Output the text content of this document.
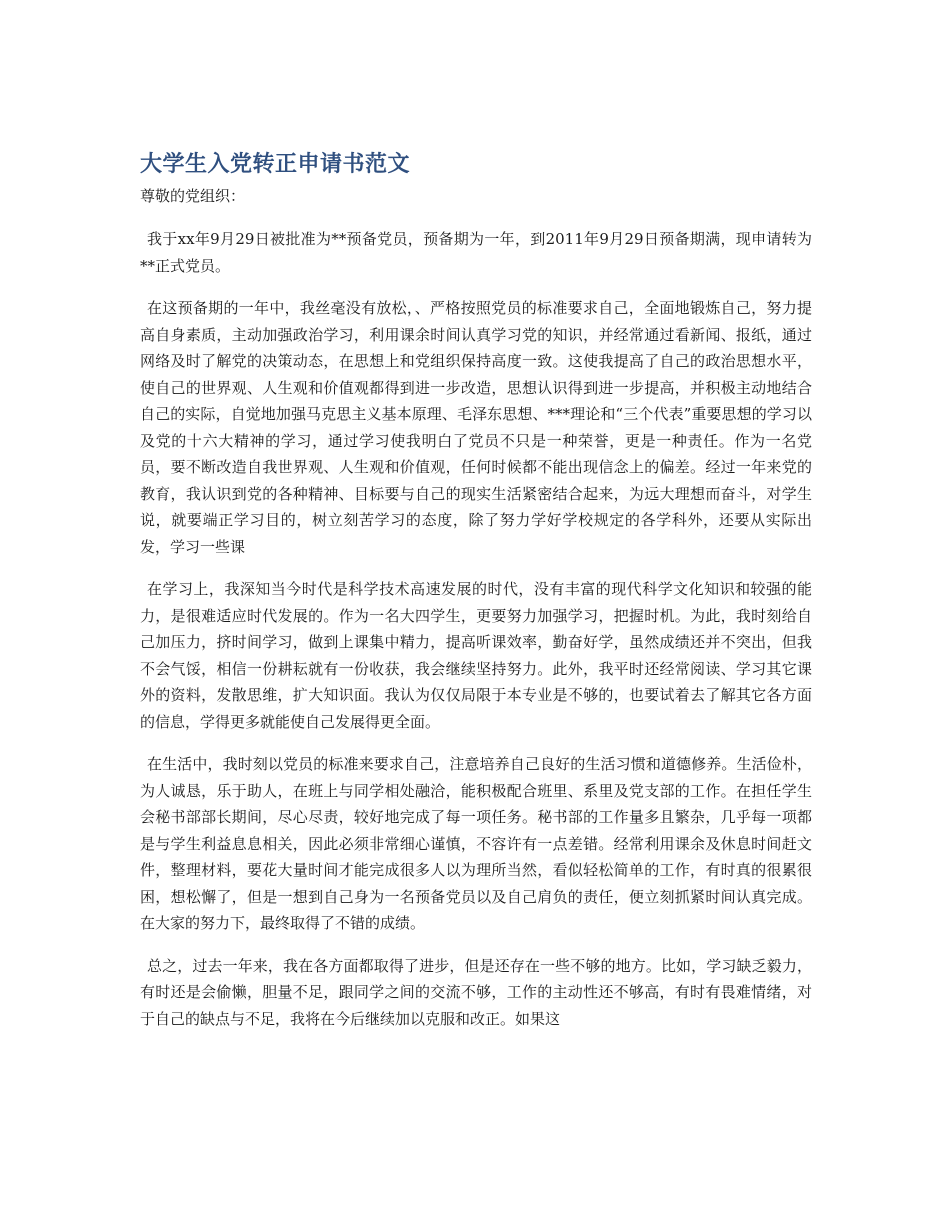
大学生入党转正申请书范文

尊敬的党组织：

我于xx年9月29日被批准为**预备党员，预备期为一年，到2011年9月29日预备期满，现申请转为**正式党员。

在这预备期的一年中，我丝毫没有放松，、严格按照党员的标准要求自己，全面地锻炼自己，努力提高自身素质，主动加强政治学习，利用课余时间认真学习党的知识，并经常通过看新闻、报纸，通过网络及时了解党的决策动态，在思想上和党组织保持高度一致。这使我提高了自己的政治思想水平，使自己的世界观、人生观和价值观都得到进一步改造，思想认识得到进一步提高，并积极主动地结合自己的实际，自觉地加强马克思主义基本原理、毛泽东思想、***理论和“三个代表”重要思想的学习以及党的十六大精神的学习，通过学习使我明白了党员不只是一种荣誉，更是一种责任。作为一名党员，要不断改造自我世界观、人生观和价值观，任何时候都不能出现信念上的偏差。经过一年来党的教育，我认识到党的各种精神、目标要与自己的现实生活紧密结合起来，为远大理想而奋斗，对学生说，就要端正学习目的，树立刻苦学习的态度，除了努力学好学校规定的各学科外，还要从实际出发，学习一些课

在学习上，我深知当今时代是科学技术高速发展的时代，没有丰富的现代科学文化知识和较强的能力，是很难适应时代发展的。作为一名大四学生，更要努力加强学习，把握时机。为此，我时刻给自己加压力，挤时间学习，做到上课集中精力，提高听课效率，勤奋好学，虽然成绩还并不突出，但我不会气馁，相信一份耕耘就有一份收获，我会继续坚持努力。此外，我平时还经常阅读、学习其它课外的资料，发散思维，扩大知识面。我认为仅仅局限于本专业是不够的，也要试着去了解其它各方面的信息，学得更多就能使自己发展得更全面。

在生活中，我时刻以党员的标准来要求自己，注意培养自己良好的生活习惯和道德修养。生活俭朴，为人诚恳，乐于助人，在班上与同学相处融洽，能积极配合班里、系里及党支部的工作。在担任学生会秘书部部长期间，尽心尽责，较好地完成了每一项任务。秘书部的工作量多且繁杂，几乎每一项都是与学生利益息息相关，因此必须非常细心谨慎，不容许有一点差错。经常利用课余及休息时间赶文件，整理材料，要花大量时间才能完成很多人以为理所当然，看似轻松简单的工作，有时真的很累很困，想松懈了，但是一想到自己身为一名预备党员以及自己肩负的责任，便立刻抓紧时间认真完成。在大家的努力下，最终取得了不错的成绩。

总之，过去一年来，我在各方面都取得了进步，但是还存在一些不够的地方。比如，学习缺乏毅力，有时还是会偷懒，胆量不足，跟同学之间的交流不够，工作的主动性还不够高，有时有畏难情绪，对于自己的缺点与不足，我将在今后继续加以克服和改正。如果这
